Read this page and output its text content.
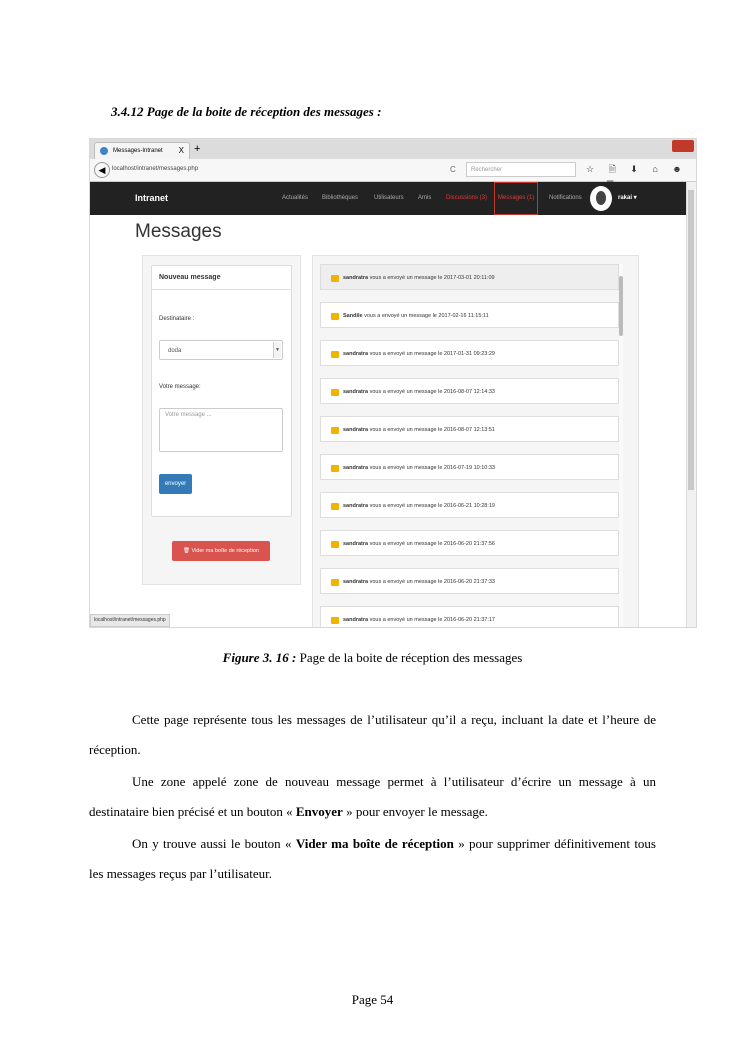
3.4.12 Page de la boite de réception des messages :
Messages-Intranet X +
◀	localhost/intranet/messages.php	C	Rechercher	☆ 🗎 ⬇ ⌂ ☻
Intranet	Actualités Bibliothèques	Utilisateurs Amis Discussions (3)	Messages (1)	Notifications	rakai ▾
Messages
Nouveau message
Destinataire :
doda	▼
Votre message:
Votre message ...
envoyer
🗑 Vider ma boîte de réception
sandratra vous a envoyé un message le 2017-03-01 20:11:09
Sandile vous a envoyé un message le 2017-02-16 11:15:11
sandratra vous a envoyé un message le 2017-01-31 09:23:29
sandratra vous a envoyé un message le 2016-08-07 12:14:33
sandratra vous a envoyé un message le 2016-08-07 12:13:51
sandratra vous a envoyé un message le 2016-07-19 10:10:33
sandratra vous a envoyé un message le 2016-06-21 10:28:19
sandratra vous a envoyé un message le 2016-06-20 21:37:56
sandratra vous a envoyé un message le 2016-06-20 21:37:33
sandratra vous a envoyé un message le 2016-06-20 21:37:17
localhost/intranet/messages.php
Figure 3. 16 : Page de la boite de réception des messages
Cette page représente tous les messages de l’utilisateur qu’il a reçu, incluant la date et l’heure de réception.
Une zone appelé zone de nouveau message permet à l’utilisateur d’écrire un message à un destinataire bien précisé et un bouton « Envoyer » pour envoyer le message.
On y trouve aussi le bouton « Vider ma boîte de réception » pour supprimer définitivement tous les messages reçus par l’utilisateur.
Page 54
